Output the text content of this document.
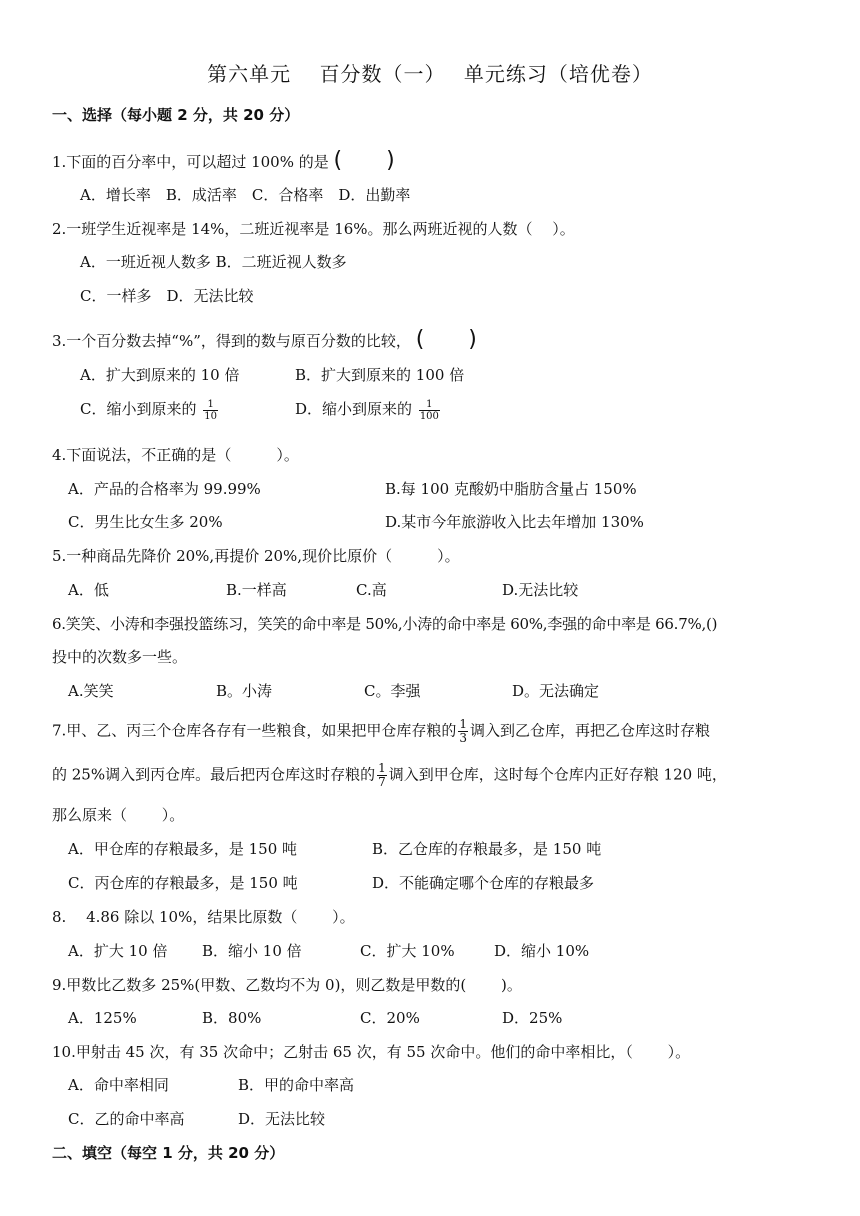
第六单元　 百分数（一）　 单元练习（培优卷）
一、选择（每小题 2 分，共 20 分）
1.下面的百分率中，可以超过 100% 的是 (　　)
A．增长率　B．成活率　C．合格率　D．出勤率
2.一班学生近视率是 14%，二班近视率是 16%。那么两班近视的人数（　 ）。
A．一班近视人数多 B．二班近视人数多
C．一样多　D．无法比较
3.一个百分数去掉“%”，得到的数与原百分数的比较， (　　)
A．扩大到原来的 10 倍	B．扩大到原来的 100 倍
C．缩小到原来的 $\frac{1}{10}$	D．缩小到原来的 $\frac{1}{100}$
4.下面说法，不正确的是（　　　）。
A．产品的合格率为 99.99%	B.每 100 克酸奶中脂肪含量占 150%
C．男生比女生多 20%	D.某市今年旅游收入比去年增加 130%
5.一种商品先降价 20%,再提价 20%,现价比原价（　　　）。
A．低	B.一样高	C.高	D.无法比较
6.笑笑、小涛和李强投篮练习，笑笑的命中率是 50%,小涛的命中率是 60%,李强的命中率是 66.7%,()
投中的次数多一些。
A.笑笑	B。小涛	C。李强	D。无法确定
7.甲、乙、丙三个仓库各存有一些粮食，如果把甲仓库存粮的 $\frac{1}{3}$ 调入到乙仓库，再把乙仓库这时存粮
的 25%调入到丙仓库。最后把丙仓库这时存粮的 $\frac{1}{7}$ 调入到甲仓库，这时每个仓库内正好存粮 120 吨，
那么原来（　　 ）。
A．甲仓库的存粮最多，是 150 吨	B．乙仓库的存粮最多，是 150 吨
C．丙仓库的存粮最多，是 150 吨	D．不能确定哪个仓库的存粮最多
8.　 4.86 除以 10%，结果比原数（　　 ）。
A．扩大 10 倍 B．缩小 10 倍	C．扩大 10%	D．缩小 10%
9.甲数比乙数多 25%(甲数、乙数均不为 0)，则乙数是甲数的(　　 )。
A．125%	B．80%	C．20%	D．25%
10.甲射击 45 次，有 35 次命中；乙射击 65 次，有 55 次命中。他们的命中率相比，（　　 ）。
A．命中率相同	B．甲的命中率高
C．乙的命中率高	D．无法比较
二、填空（每空 1 分，共 20 分）
